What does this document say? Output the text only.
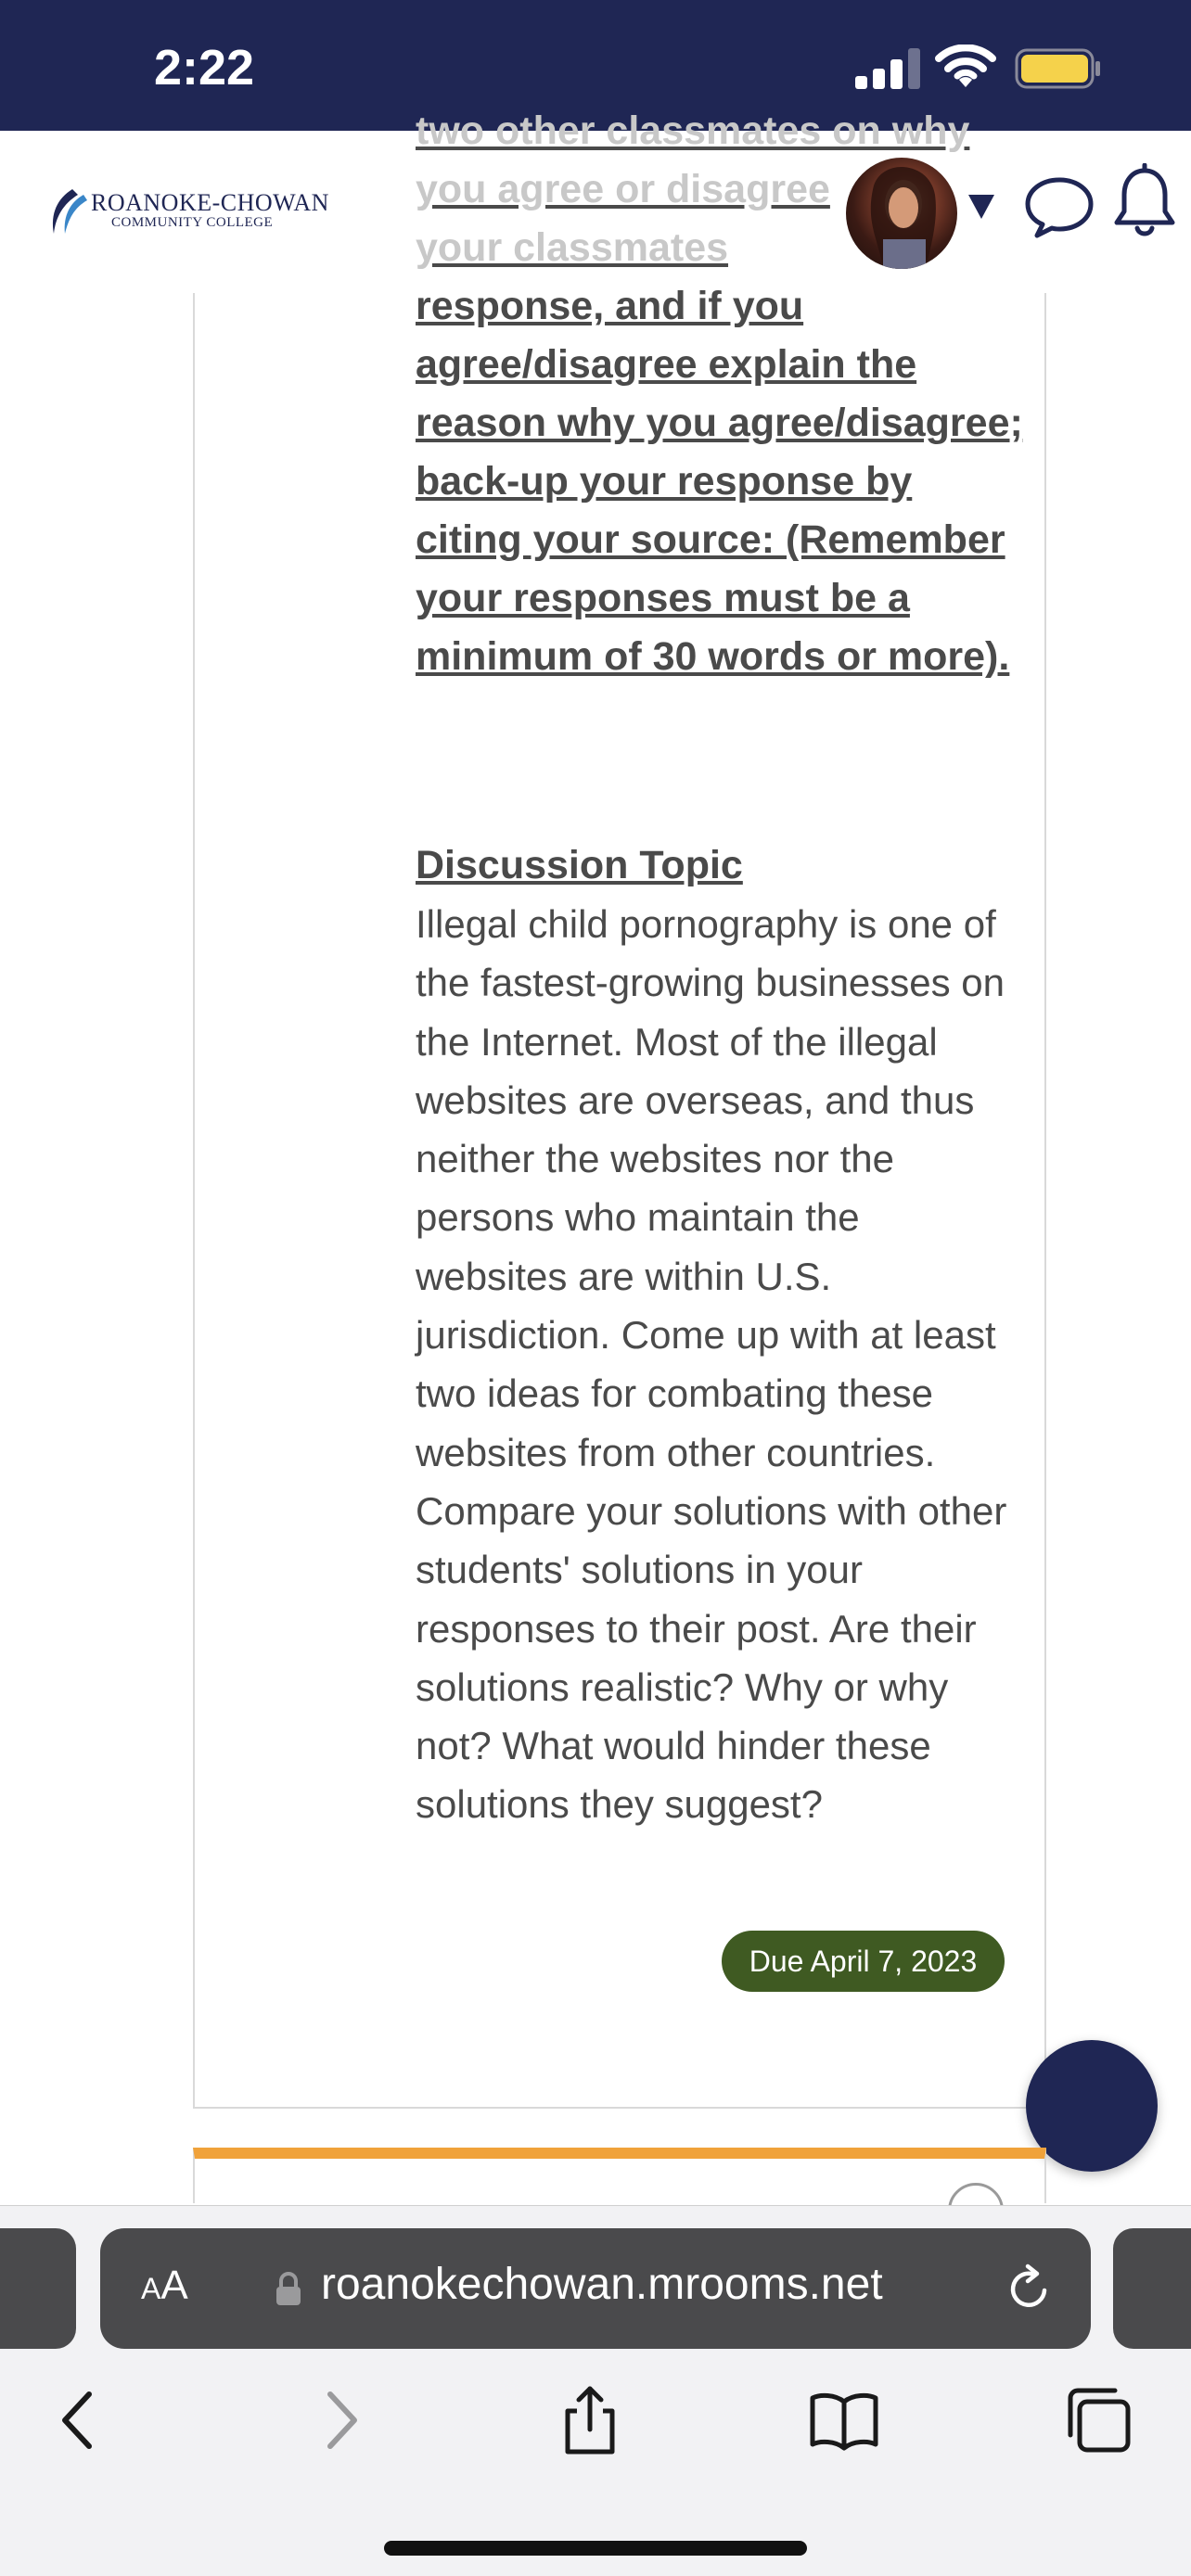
2:22
two other classmates on why
you agree or disagree
your classmates
response, and if you agree/disagree explain the reason why you agree/disagree; back-up your response by citing your source: (Remember your responses must be a minimum of 30 words or more).
Discussion Topic
Illegal child pornography is one of the fastest-growing businesses on the Internet. Most of the illegal websites are overseas, and thus neither the websites nor the persons who maintain the websites are within U.S. jurisdiction. Come up with at least two ideas for combating these websites from other countries. Compare your solutions with other students' solutions in your responses to their post. Are their solutions realistic? Why or why not? What would hinder these solutions they suggest?
Due April 7, 2023
ROANOKE-CHOWAN
COMMUNITY COLLEGE
AA	roanokechowan.mrooms.net
